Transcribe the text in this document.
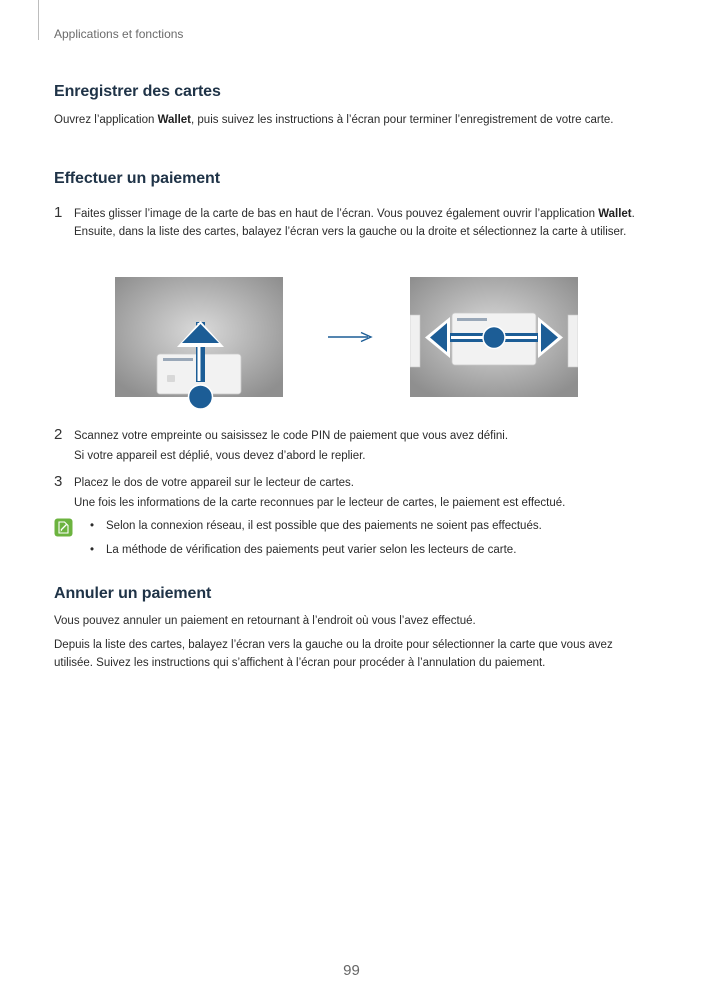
Applications et fonctions
Enregistrer des cartes

Ouvrez l’application Wallet, puis suivez les instructions à l’écran pour terminer l’enregistrement de votre carte.

Effectuer un paiement
1 Faites glisser l’image de la carte de bas en haut de l’écran. Vous pouvez également ouvrir l’application Wallet. Ensuite, dans la liste des cartes, balayez l’écran vers la gauche ou la droite et sélectionnez la carte à utiliser.

2 Scannez votre empreinte ou saisissez le code PIN de paiement que vous avez défini.

Si votre appareil est déplié, vous devez d’abord le replier.

3 Placez le dos de votre appareil sur le lecteur de cartes.

Une fois les informations de la carte reconnues par le lecteur de cartes, le paiement est effectué.

• Selon la connexion réseau, il est possible que des paiements ne soient pas effectués.
• La méthode de vérification des paiements peut varier selon les lecteurs de carte.
Annuler un paiement

Vous pouvez annuler un paiement en retournant à l’endroit où vous l’avez effectué.

Depuis la liste des cartes, balayez l’écran vers la gauche ou la droite pour sélectionner la carte que vous avez utilisée. Suivez les instructions qui s’affichent à l’écran pour procéder à l’annulation du paiement.

99
